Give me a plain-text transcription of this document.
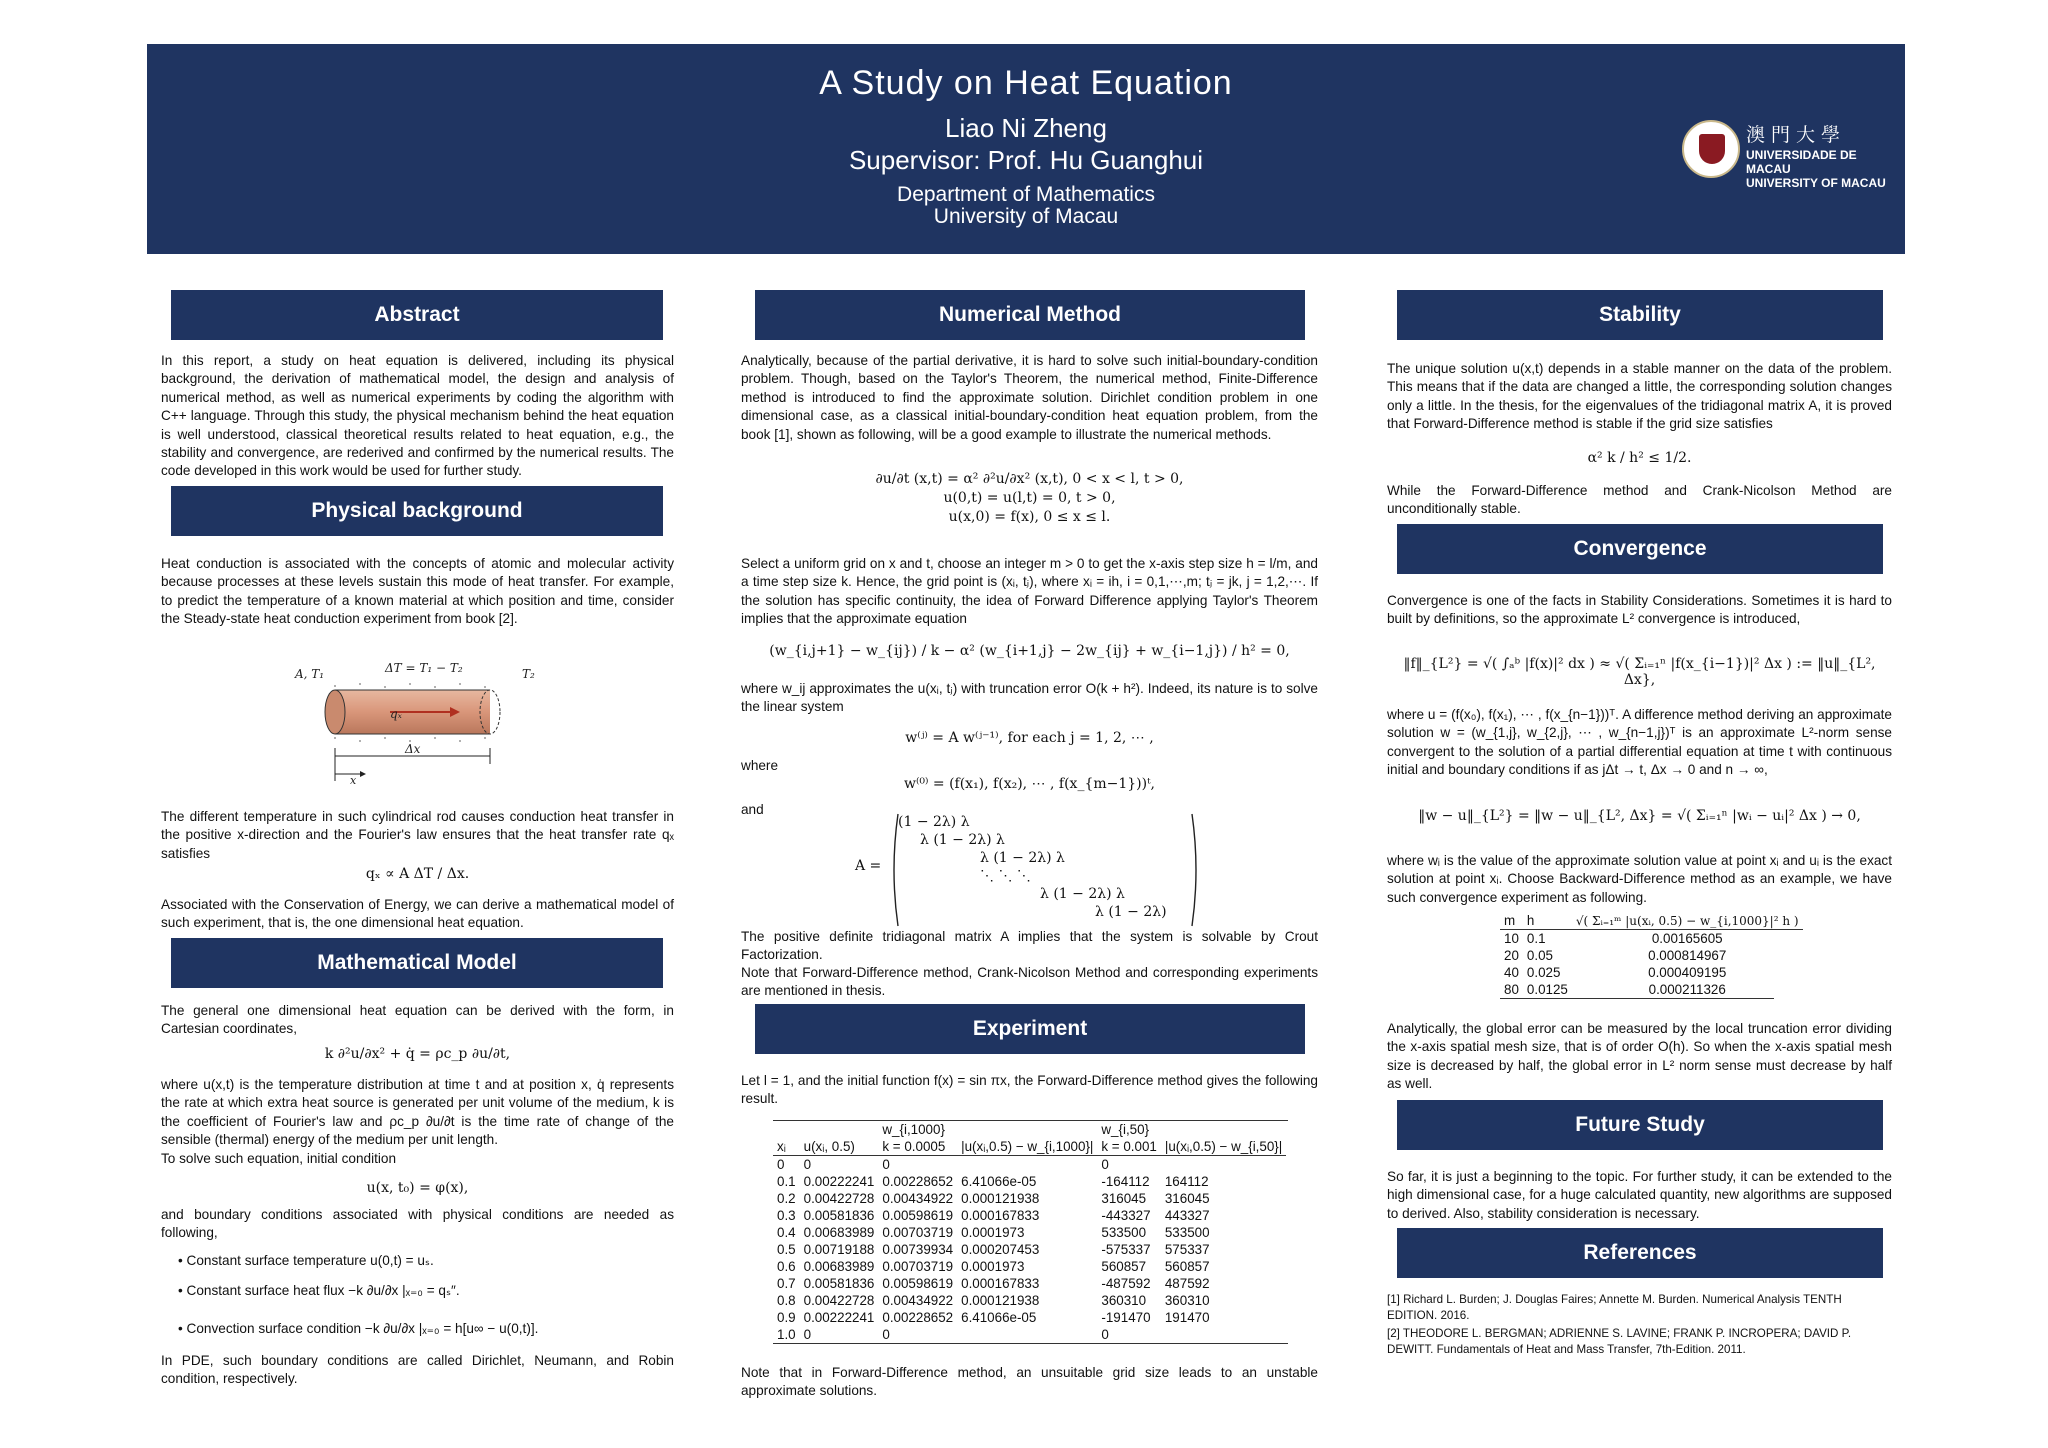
A Study on Heat Equation
Liao Ni Zheng
Supervisor: Prof. Hu Guanghui
Department of Mathematics
University of Macau
澳門大學
UNIVERSIDADE DE MACAU
UNIVERSITY OF MACAU
Abstract
In this report, a study on heat equation is delivered, including its physical background, the derivation of mathematical model, the design and analysis of numerical method, as well as numerical experiments by coding the algorithm with C++ language. Through this study, the physical mechanism behind the heat equation is well understood, classical theoretical results related to heat equation, e.g., the stability and convergence, are rederived and confirmed by the numerical results. The code developed in this work would be used for further study.
Physical background
Heat conduction is associated with the concepts of atomic and molecular activity because processes at these levels sustain this mode of heat transfer. For example, to predict the temperature of a known material at which position and time, consider the Steady-state heat conduction experiment from book [2].
qₓ
A, T₁	ΔT = T₁ − T₂	T₂
Δx
x
The different temperature in such cylindrical rod causes conduction heat transfer in the positive x-direction and the Fourier's law ensures that the heat transfer rate qₓ satisfies
qₓ ∝ A ΔT / Δx.
Associated with the Conservation of Energy, we can derive a mathematical model of such experiment, that is, the one dimensional heat equation.
Mathematical Model
The general one dimensional heat equation can be derived with the form, in Cartesian coordinates,
k ∂²u/∂x² + q̇ = ρc_p ∂u/∂t,
where u(x,t) is the temperature distribution at time t and at position x, q̇ represents the rate at which extra heat source is generated per unit volume of the medium, k is the coefficient of Fourier's law and ρc_p ∂u/∂t is the time rate of change of the sensible (thermal) energy of the medium per unit length.
To solve such equation, initial condition
u(x, t₀) = φ(x),
and boundary conditions associated with physical conditions are needed as following,
• Constant surface temperature u(0,t) = uₛ.
• Constant surface heat flux −k ∂u/∂x |ₓ₌₀ = qₛ″.
• Convection surface condition −k ∂u/∂x |ₓ₌₀ = h[u∞ − u(0,t)].
In PDE, such boundary conditions are called Dirichlet, Neumann, and Robin condition, respectively.
Numerical Method
Analytically, because of the partial derivative, it is hard to solve such initial-boundary-condition problem. Though, based on the Taylor's Theorem, the numerical method, Finite-Difference method is introduced to find the approximate solution. Dirichlet condition problem in one dimensional case, as a classical initial-boundary-condition heat equation problem, from the book [1], shown as following, will be a good example to illustrate the numerical methods.
∂u/∂t (x,t) = α² ∂²u/∂x² (x,t), 0 < x < l, t > 0,
u(0,t) = u(l,t) = 0, t > 0,
u(x,0) = f(x), 0 ≤ x ≤ l.
Select a uniform grid on x and t, choose an integer m > 0 to get the x-axis step size h = l/m, and a time step size k. Hence, the grid point is (xᵢ, tⱼ), where xᵢ = ih, i = 0,1,⋯,m; tⱼ = jk, j = 1,2,⋯. If the solution has specific continuity, the idea of Forward Difference applying Taylor's Theorem implies that the approximate equation
(w_{i,j+1} − w_{ij}) / k − α² (w_{i+1,j} − 2w_{ij} + w_{i−1,j}) / h² = 0,
where w_ij approximates the u(xᵢ, tⱼ) with truncation error O(k + h²). Indeed, its nature is to solve the linear system
w⁽ʲ⁾ = A w⁽ʲ⁻¹⁾, for each j = 1, 2, ⋯ ,
where
w⁽⁰⁾ = (f(x₁), f(x₂), ⋯ , f(x_{m−1}))ᵗ,
and
A =
(1 − 2λ) λ
λ (1 − 2λ) λ
λ (1 − 2λ) λ
⋱ ⋱ ⋱
λ (1 − 2λ) λ
λ (1 − 2λ)
The positive definite tridiagonal matrix A implies that the system is solvable by Crout Factorization.
Note that Forward-Difference method, Crank-Nicolson Method and corresponding experiments are mentioned in thesis.
Experiment
Let l = 1, and the initial function f(x) = sin πx, the Forward-Difference method gives the following result.
		w_{i,1000}		w_{i,50}	
xᵢ	u(xᵢ, 0.5)	k = 0.0005	|u(xᵢ,0.5) − w_{i,1000}|	k = 0.001	|u(xᵢ,0.5) − w_{i,50}|
0	0	0		0	
0.1	0.00222241	0.00228652	6.41066e-05	-164112	164112
0.2	0.00422728	0.00434922	0.000121938	316045	316045
0.3	0.00581836	0.00598619	0.000167833	-443327	443327
0.4	0.00683989	0.00703719	0.0001973	533500	533500
0.5	0.00719188	0.00739934	0.000207453	-575337	575337
0.6	0.00683989	0.00703719	0.0001973	560857	560857
0.7	0.00581836	0.00598619	0.000167833	-487592	487592
0.8	0.00422728	0.00434922	0.000121938	360310	360310
0.9	0.00222241	0.00228652	6.41066e-05	-191470	191470
1.0	0	0		0	
Note that in Forward-Difference method, an unsuitable grid size leads to an unstable approximate solutions.
Stability
The unique solution u(x,t) depends in a stable manner on the data of the problem. This means that if the data are changed a little, the corresponding solution changes only a little. In the thesis, for the eigenvalues of the tridiagonal matrix A, it is proved that Forward-Difference method is stable if the grid size satisfies
α² k / h² ≤ 1/2.
While the Forward-Difference method and Crank-Nicolson Method are unconditionally stable.
Convergence
Convergence is one of the facts in Stability Considerations. Sometimes it is hard to built by definitions, so the approximate L² convergence is introduced,
‖f‖_{L²} = √( ∫ₐᵇ |f(x)|² dx ) ≈ √( Σᵢ₌₁ⁿ |f(x_{i−1})|² Δx ) := ‖u‖_{L², Δx},
where u = (f(x₀), f(x₁), ⋯ , f(x_{n−1}))ᵀ. A difference method deriving an approximate solution w = (w_{1,j}, w_{2,j}, ⋯ , w_{n−1,j})ᵀ is an approximate L²-norm sense convergent to the solution of a partial differential equation at time t with continuous initial and boundary conditions if as jΔt → t, Δx → 0 and n → ∞,
‖w − u‖_{L²} = ‖w − u‖_{L², Δx} = √( Σᵢ₌₁ⁿ |wᵢ − uᵢ|² Δx ) → 0,
where wᵢ is the value of the approximate solution value at point xᵢ and uᵢ is the exact solution at point xᵢ. Choose Backward-Difference method as an example, we have such convergence experiment as following.
m	h	√( Σᵢ₌₁ᵐ |u(xᵢ, 0.5) − w_{i,1000}|² h )
10	0.1	0.00165605
20	0.05	0.000814967
40	0.025	0.000409195
80	0.0125	0.000211326
Analytically, the global error can be measured by the local truncation error dividing the x-axis spatial mesh size, that is of order O(h). So when the x-axis spatial mesh size is decreased by half, the global error in L² norm sense must decrease by half as well.
Future Study
So far, it is just a beginning to the topic. For further study, it can be extended to the high dimensional case, for a huge calculated quantity, new algorithms are supposed to derived. Also, stability consideration is necessary.
References
[1] Richard L. Burden; J. Douglas Faires; Annette M. Burden. Numerical Analysis TENTH EDITION. 2016.
[2] THEODORE L. BERGMAN; ADRIENNE S. LAVINE; FRANK P. INCROPERA; DAVID P. DEWITT. Fundamentals of Heat and Mass Transfer, 7th-Edition. 2011.
